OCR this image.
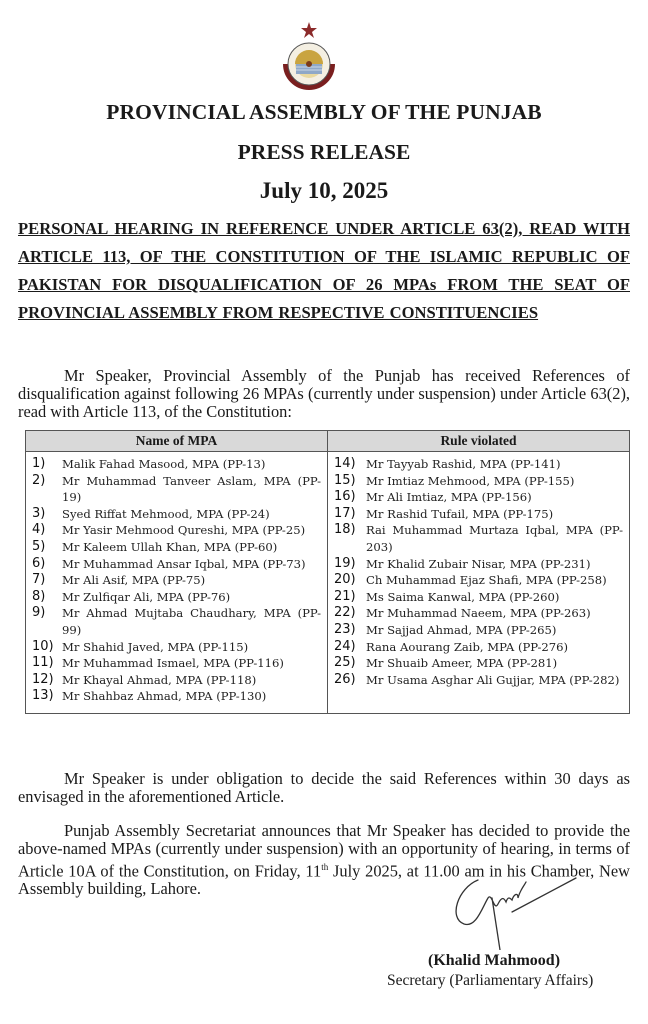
PROVINCIAL ASSEMBLY OF THE PUNJAB
PRESS RELEASE
July 10, 2025
PERSONAL HEARING IN REFERENCE UNDER ARTICLE 63(2), READ WITH ARTICLE 113, OF THE CONSTITUTION OF THE ISLAMIC REPUBLIC OF PAKISTAN FOR DISQUALIFICATION OF 26 MPAs FROM THE SEAT OF PROVINCIAL ASSEMBLY FROM RESPECTIVE CONSTITUENCIES
Mr Speaker, Provincial Assembly of the Punjab has received References of disqualification against following 26 MPAs (currently under suspension) under Article 63(2), read with Article 113, of the Constitution:
Name of MPA	Rule violated

1)	Malik Fahad Masood, MPA (PP-13)
2)	Mr Muhammad Tanveer Aslam, MPA (PP-19)
3)	Syed Riffat Mehmood, MPA (PP-24)
4)	Mr Yasir Mehmood Qureshi, MPA (PP-25)
5)	Mr Kaleem Ullah Khan, MPA (PP-60)
6)	Mr Muhammad Ansar Iqbal, MPA (PP-73)
7)	Mr Ali Asif, MPA (PP-75)
8)	Mr Zulfiqar Ali, MPA (PP-76)
9)	Mr Ahmad Mujtaba Chaudhary, MPA (PP-99)
10) Mr Shahid Javed, MPA (PP-115)
11) Mr Muhammad Ismael, MPA (PP-116)
12) Mr Khayal Ahmad, MPA (PP-118)
13) Mr Shahbaz Ahmad, MPA (PP-130)

14) Mr Tayyab Rashid, MPA (PP-141)
15) Mr Imtiaz Mehmood, MPA (PP-155)
16) Mr Ali Imtiaz, MPA (PP-156)
17) Mr Rashid Tufail, MPA (PP-175)
18) Rai Muhammad Murtaza Iqbal, MPA (PP-203)
19) Mr Khalid Zubair Nisar, MPA (PP-231)
20) Ch Muhammad Ejaz Shafi, MPA (PP-258)
21) Ms Saima Kanwal, MPA (PP-260)
22) Mr Muhammad Naeem, MPA (PP-263)
23) Mr Sajjad Ahmad, MPA (PP-265)
24) Rana Aourang Zaib, MPA (PP-276)
25) Mr Shuaib Ameer, MPA (PP-281)
26) Mr Usama Asghar Ali Gujjar, MPA (PP-282)
Mr Speaker is under obligation to decide the said References within 30 days as envisaged in the aforementioned Article.
Punjab Assembly Secretariat announces that Mr Speaker has decided to provide the above-named MPAs (currently under suspension) with an opportunity of hearing, in terms of Article 10A of the Constitution, on Friday, 11th July 2025, at 11.00 am in his Chamber, New Assembly building, Lahore.
(Khalid Mahmood)
Secretary (Parliamentary Affairs)
